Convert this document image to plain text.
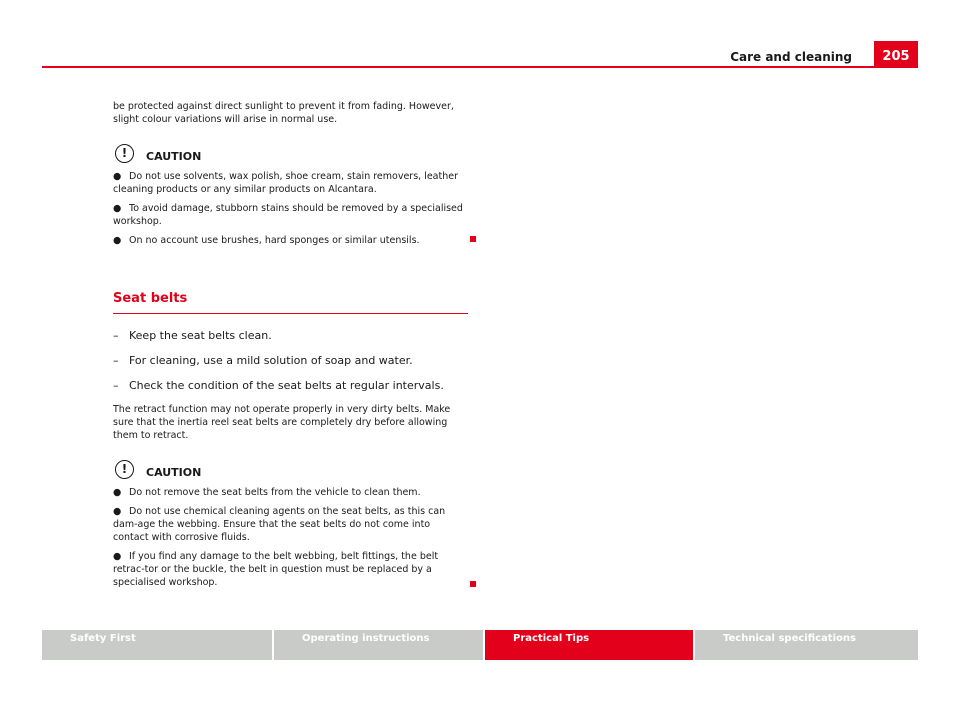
Care and cleaning	205

be protected against direct sunlight to prevent it from fading. However, slight colour variations will arise in normal use.

!	CAUTION

● Do not use solvents, wax polish, shoe cream, stain removers, leather cleaning products or any similar products on Alcantara.

● To avoid damage, stubborn stains should be removed by a specialised workshop.

● On no account use brushes, hard sponges or similar utensils.

Seat belts

– Keep the seat belts clean.

– For cleaning, use a mild solution of soap and water.

– Check the condition of the seat belts at regular intervals.

The retract function may not operate properly in very dirty belts. Make sure that the inertia reel seat belts are completely dry before allowing them to retract.

!	CAUTION

● Do not remove the seat belts from the vehicle to clean them.

● Do not use chemical cleaning agents on the seat belts, as this can dam-age the webbing. Ensure that the seat belts do not come into contact with corrosive fluids.

● If you find any damage to the belt webbing, belt fittings, the belt retrac-tor or the buckle, the belt in question must be replaced by a specialised workshop.

Safety First	Operating instructions	Practical Tips	Technical specifications
